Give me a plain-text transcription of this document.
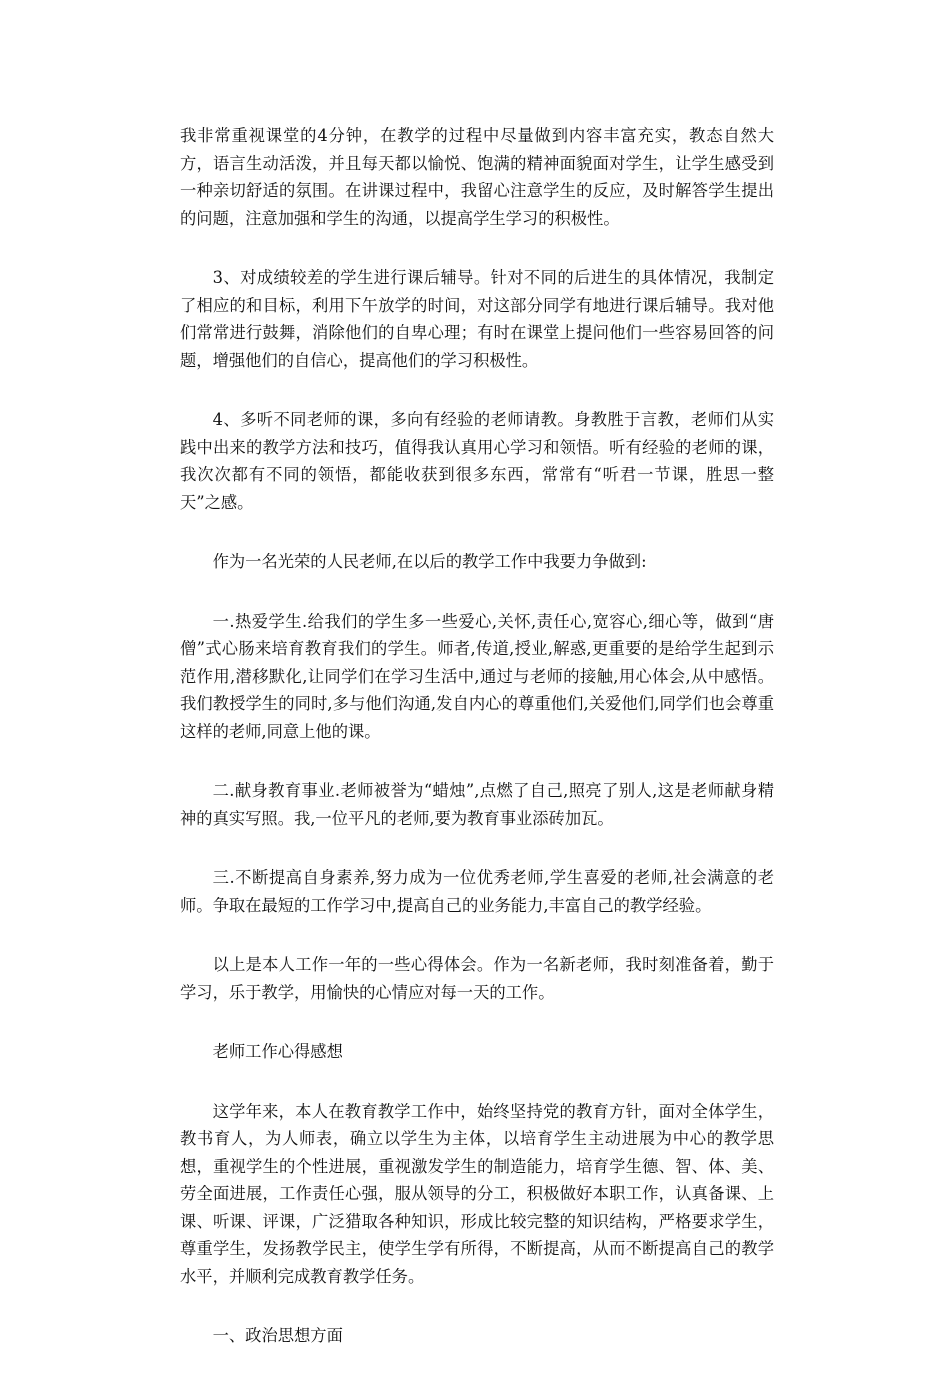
我非常重视课堂的4分钟，在教学的过程中尽量做到内容丰富充实，教态自然大方，语言生动活泼，并且每天都以愉悦、饱满的精神面貌面对学生，让学生感受到一种亲切舒适的氛围。在讲课过程中，我留心注意学生的反应，及时解答学生提出的问题，注意加强和学生的沟通，以提高学生学习的积极性。

3、对成绩较差的学生进行课后辅导。针对不同的后进生的具体情况，我制定了相应的和目标，利用下午放学的时间，对这部分同学有地进行课后辅导。我对他们常常进行鼓舞，消除他们的自卑心理；有时在课堂上提问他们一些容易回答的问题，增强他们的自信心，提高他们的学习积极性。

4、多听不同老师的课，多向有经验的老师请教。身教胜于言教，老师们从实践中出来的教学方法和技巧，值得我认真用心学习和领悟。听有经验的老师的课，我次次都有不同的领悟，都能收获到很多东西，常常有“听君一节课，胜思一整天”之感。

作为一名光荣的人民老师,在以后的教学工作中我要力争做到:

一.热爱学生.给我们的学生多一些爱心,关怀,责任心,宽容心,细心等，做到“唐僧”式心肠来培育教育我们的学生。师者,传道,授业,解惑,更重要的是给学生起到示范作用,潜移默化,让同学们在学习生活中,通过与老师的接触,用心体会,从中感悟。我们教授学生的同时,多与他们沟通,发自内心的尊重他们,关爱他们,同学们也会尊重这样的老师,同意上他的课。

二.献身教育事业.老师被誉为“蜡烛”,点燃了自己,照亮了别人,这是老师献身精神的真实写照。我,一位平凡的老师,要为教育事业添砖加瓦。

三.不断提高自身素养,努力成为一位优秀老师,学生喜爱的老师,社会满意的老师。争取在最短的工作学习中,提高自己的业务能力,丰富自己的教学经验。

以上是本人工作一年的一些心得体会。作为一名新老师，我时刻准备着，勤于学习，乐于教学，用愉快的心情应对每一天的工作。

老师工作心得感想

这学年来，本人在教育教学工作中，始终坚持党的教育方针，面对全体学生，教书育人，为人师表，确立以学生为主体，以培育学生主动进展为中心的教学思想，重视学生的个性进展，重视激发学生的制造能力，培育学生德、智、体、美、劳全面进展，工作责任心强，服从领导的分工，积极做好本职工作，认真备课、上课、听课、评课，广泛猎取各种知识，形成比较完整的知识结构，严格要求学生，尊重学生，发扬教学民主，使学生学有所得，不断提高，从而不断提高自己的教学水平，并顺利完成教育教学任务。

一、政治思想方面
